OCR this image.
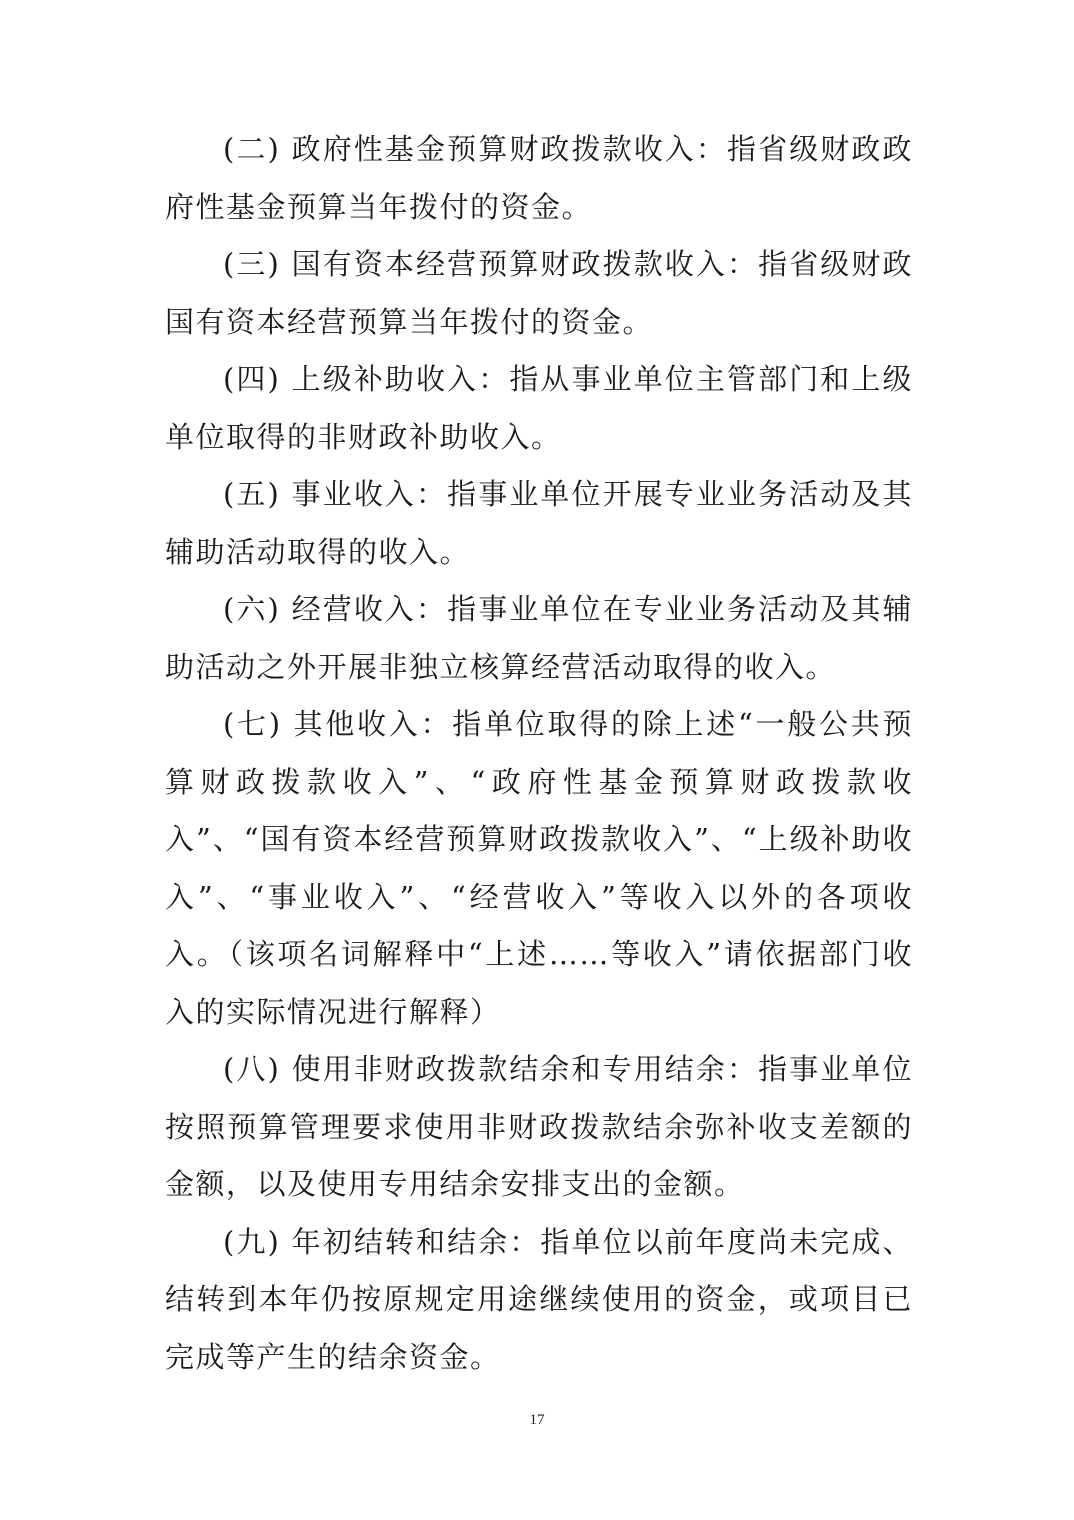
(二) 政府性基金预算财政拨款收入：指省级财政政府性基金预算当年拨付的资金。

(三) 国有资本经营预算财政拨款收入：指省级财政国有资本经营预算当年拨付的资金。

(四) 上级补助收入：指从事业单位主管部门和上级单位取得的非财政补助收入。

(五) 事业收入：指事业单位开展专业业务活动及其辅助活动取得的收入。

(六) 经营收入：指事业单位在专业业务活动及其辅助活动之外开展非独立核算经营活动取得的收入。

(七) 其他收入：指单位取得的除上述“一般公共预算财政拨款收入”、“政府性基金预算财政拨款收入”、“国有资本经营预算财政拨款收入”、“上级补助收入”、“事业收入”、“经营收入”等收入以外的各项收入。（该项名词解释中“上述……等收入”请依据部门收入的实际情况进行解释）

(八) 使用非财政拨款结余和专用结余：指事业单位按照预算管理要求使用非财政拨款结余弥补收支差额的金额，以及使用专用结余安排支出的金额。

(九) 年初结转和结余：指单位以前年度尚未完成、结转到本年仍按原规定用途继续使用的资金，或项目已完成等产生的结余资金。

17
